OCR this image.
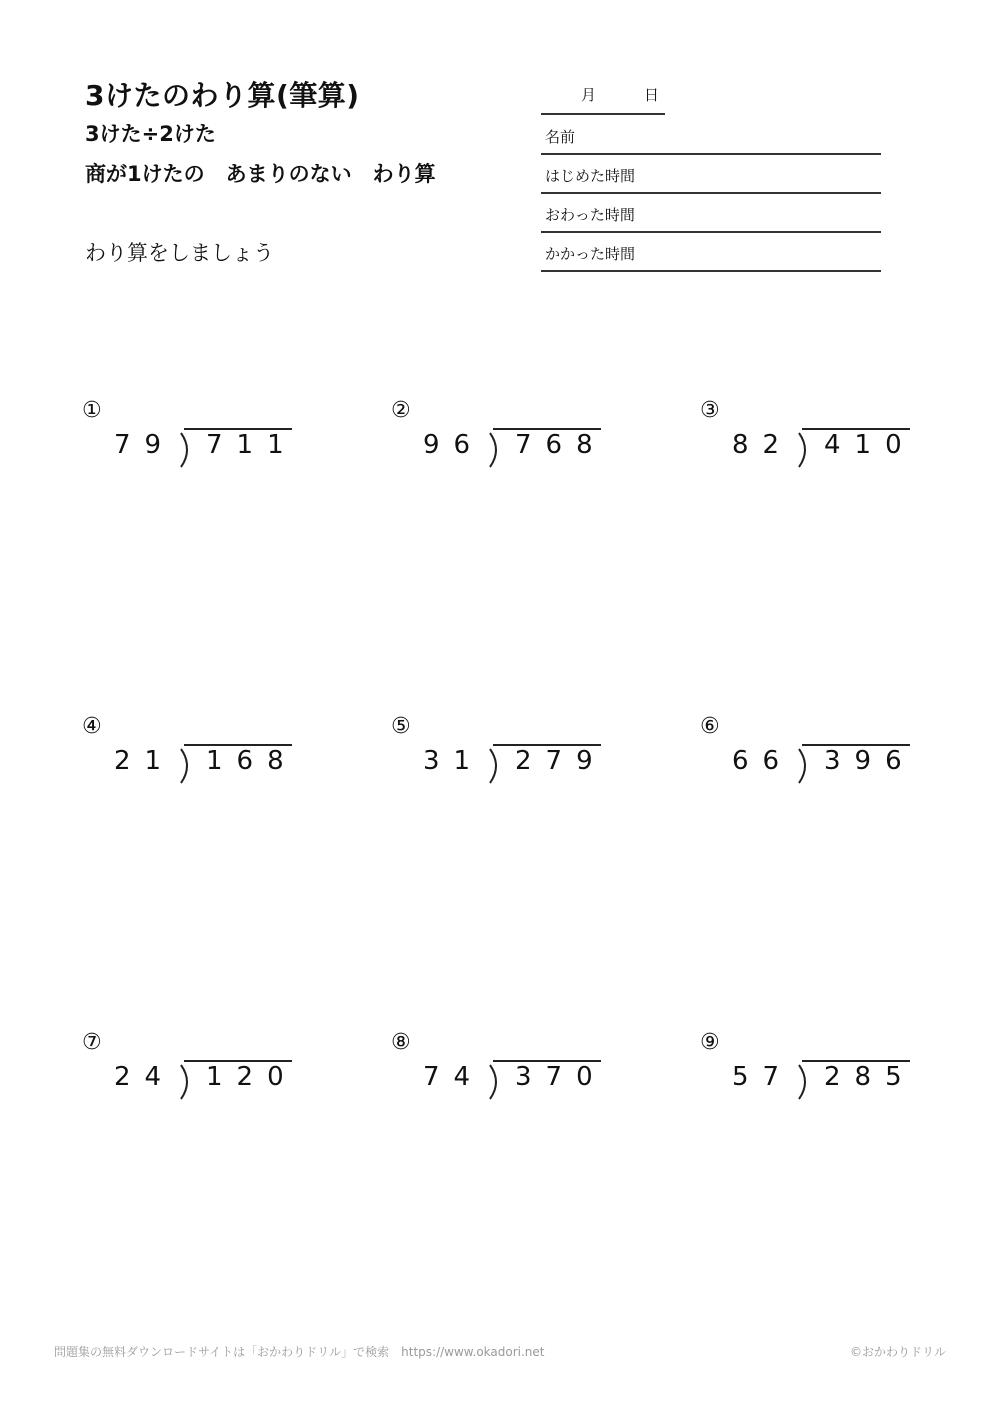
3けたのわり算(筆算)
3けた÷2けた
商が1けたの　あまりのない　わり算
わり算をしましょう
月	日
名前
はじめた時間
おわった時間
かかった時間
①
79 711
②
96 768
③
82 410
④
21 168
⑤
31 279
⑥
66 396
⑦
24 120
⑧
74 370
⑨
57 285
問題集の無料ダウンロードサイトは「おかわりドリル」で検索　https://www.okadori.net	©おかわりドリル
